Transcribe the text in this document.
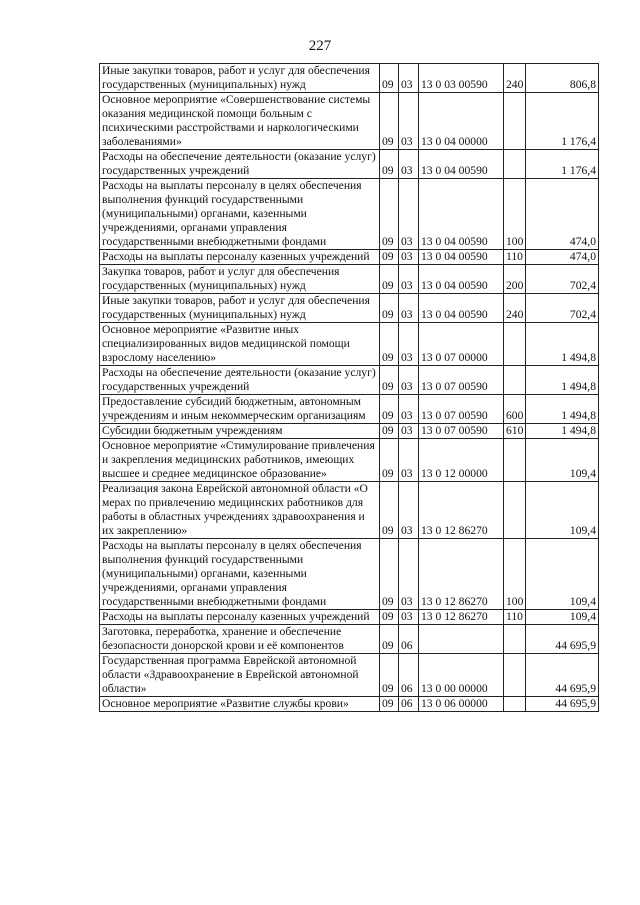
227
Иные закупки товаров, работ и услуг для обеспечения государственных (муниципальных) нужд	09	03	13 0 03 00590	240	806,8
Основное мероприятие «Совершенствование системы оказания медицинской помощи больным с психическими расстройствами и наркологическими заболеваниями»	09	03	13 0 04 00000		1 176,4
Расходы на обеспечение деятельности (оказание услуг) государственных учреждений	09	03	13 0 04 00590		1 176,4
Расходы на выплаты персоналу в целях обеспечения выполнения функций государственными (муниципальными) органами, казенными учреждениями, органами управления государственными внебюджетными фондами	09	03	13 0 04 00590	100	474,0
Расходы на выплаты персоналу казенных учреждений	09	03	13 0 04 00590	110	474,0
Закупка товаров, работ и услуг для обеспечения государственных (муниципальных) нужд	09	03	13 0 04 00590	200	702,4
Иные закупки товаров, работ и услуг для обеспечения государственных (муниципальных) нужд	09	03	13 0 04 00590	240	702,4
Основное мероприятие «Развитие иных специализированных видов медицинской помощи взрослому населению»	09	03	13 0 07 00000		1 494,8
Расходы на обеспечение деятельности (оказание услуг) государственных учреждений	09	03	13 0 07 00590		1 494,8
Предоставление субсидий бюджетным, автономным учреждениям и иным некоммерческим организациям	09	03	13 0 07 00590	600	1 494,8
Субсидии бюджетным учреждениям	09	03	13 0 07 00590	610	1 494,8
Основное мероприятие «Стимулирование привлечения и закрепления медицинских работников, имеющих высшее и среднее медицинское образование»	09	03	13 0 12 00000		109,4
Реализация закона Еврейской автономной области «О мерах по привлечению медицинских работников для работы в областных учреждениях здравоохранения и их закреплению»	09	03	13 0 12 86270		109,4
Расходы на выплаты персоналу в целях обеспечения выполнения функций государственными (муниципальными) органами, казенными учреждениями, органами управления государственными внебюджетными фондами	09	03	13 0 12 86270	100	109,4
Расходы на выплаты персоналу казенных учреждений	09	03	13 0 12 86270	110	109,4
Заготовка, переработка, хранение и обеспечение безопасности донорской крови и её компонентов	09	06			44 695,9
Государственная программа Еврейской автономной области «Здравоохранение в Еврейской автономной области»	09	06	13 0 00 00000		44 695,9
Основное мероприятие «Развитие службы крови»	09	06	13 0 06 00000		44 695,9
